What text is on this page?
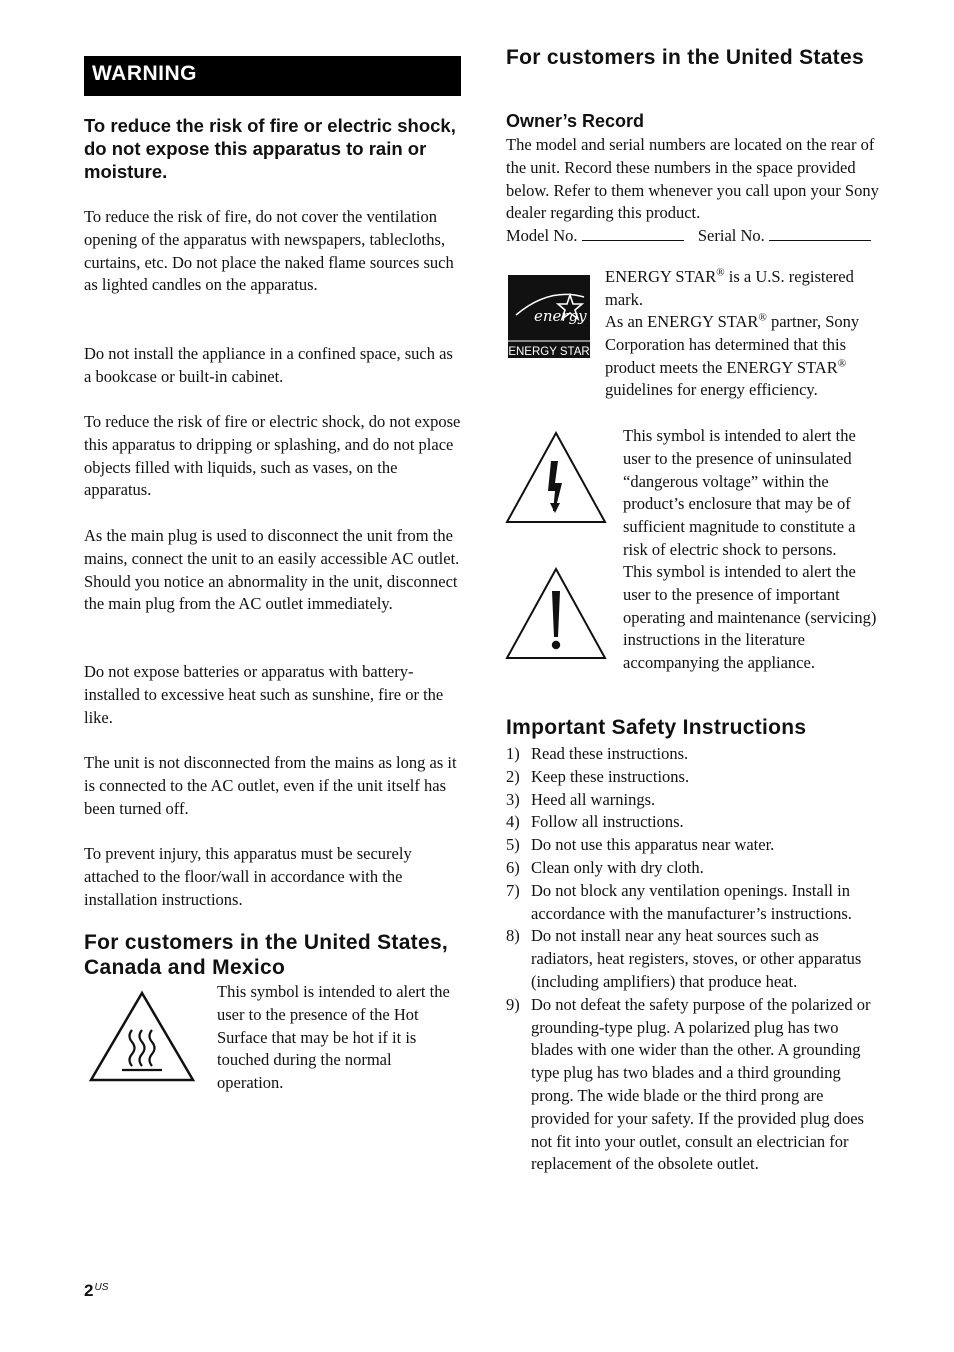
WARNING
To reduce the risk of fire or electric shock, do not expose this apparatus to rain or moisture.

To reduce the risk of fire, do not cover the ventilation opening of the apparatus with newspapers, tablecloths, curtains, etc. Do not place the naked flame sources such as lighted candles on the apparatus.

Do not install the appliance in a confined space, such as a bookcase or built-in cabinet.

To reduce the risk of fire or electric shock, do not expose this apparatus to dripping or splashing, and do not place objects filled with liquids, such as vases, on the apparatus.

As the main plug is used to disconnect the unit from the mains, connect the unit to an easily accessible AC outlet. Should you notice an abnormality in the unit, disconnect the main plug from the AC outlet immediately.

Do not expose batteries or apparatus with battery-installed to excessive heat such as sunshine, fire or the like.

The unit is not disconnected from the mains as long as it is connected to the AC outlet, even if the unit itself has been turned off.

To prevent injury, this apparatus must be securely attached to the floor/wall in accordance with the installation instructions.

For customers in the United States, Canada and Mexico

This symbol is intended to alert the user to the presence of the Hot Surface that may be hot if it is touched during the normal operation.

For customers in the United States
Owner’s Record

The model and serial numbers are located on the rear of the unit. Record these numbers in the space provided below. Refer to them whenever you call upon your Sony dealer regarding this product.

Model No.	Serial No.
energy
ENERGY STAR

ENERGY STAR® is a U.S. registered mark.

As an ENERGY STAR® partner, Sony Corporation has determined that this product meets the ENERGY STAR® guidelines for energy efficiency.

This symbol is intended to alert the user to the presence of uninsulated “dangerous voltage” within the product’s enclosure that may be of sufficient magnitude to constitute a risk of electric shock to persons.

This symbol is intended to alert the user to the presence of important operating and maintenance (servicing) instructions in the literature accompanying the appliance.

Important Safety Instructions
1) Read these instructions.
2) Keep these instructions.
3) Heed all warnings.
4) Follow all instructions.
5) Do not use this apparatus near water.
6) Clean only with dry cloth.
7) Do not block any ventilation openings. Install in accordance with the manufacturer’s instructions.
8) Do not install near any heat sources such as radiators, heat registers, stoves, or other apparatus (including amplifiers) that produce heat.
9) Do not defeat the safety purpose of the polarized or grounding-type plug. A polarized plug has two blades with one wider than the other. A grounding type plug has two blades and a third grounding prong. The wide blade or the third prong are provided for your safety. If the provided plug does not fit into your outlet, consult an electrician for replacement of the obsolete outlet.
$2^{US}$
